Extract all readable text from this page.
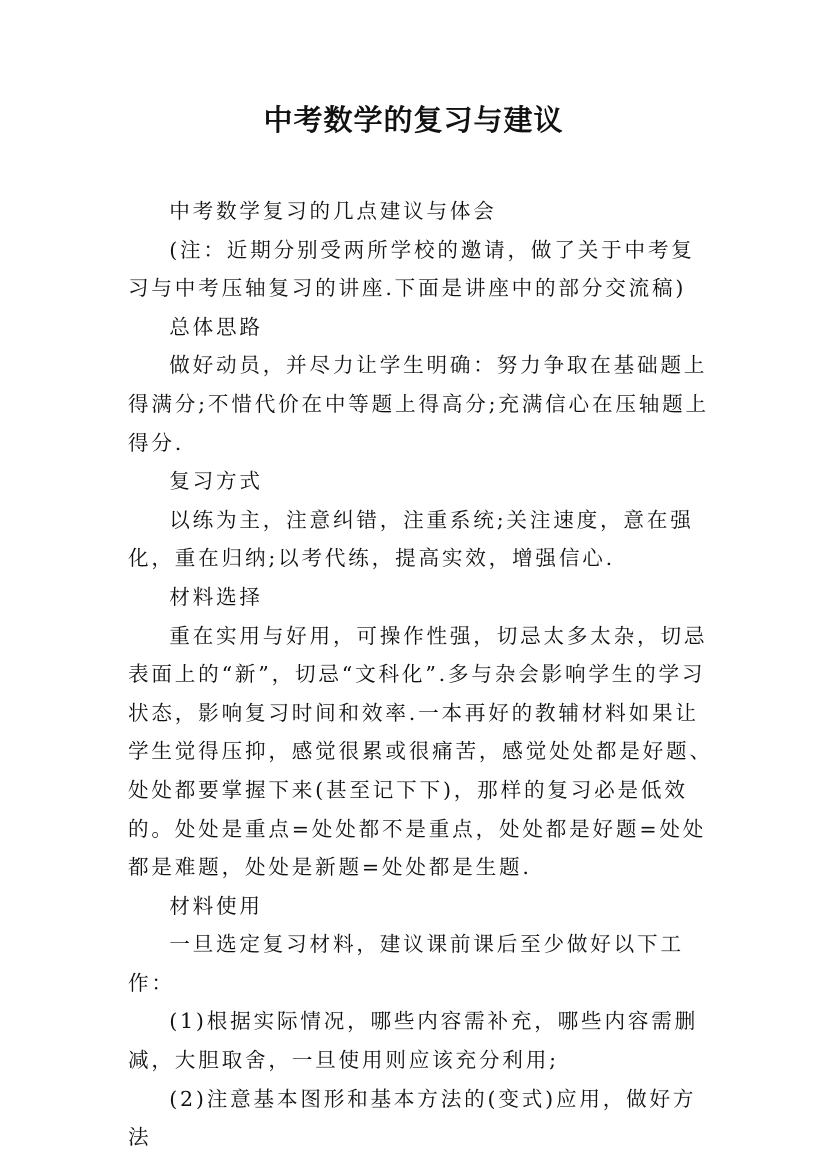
中考数学的复习与建议

中考数学复习的几点建议与体会

(注：近期分别受两所学校的邀请，做了关于中考复习与中考压轴复习的讲座.下面是讲座中的部分交流稿)

总体思路

做好动员，并尽力让学生明确：努力争取在基础题上得满分;不惜代价在中等题上得高分;充满信心在压轴题上得分.

复习方式

以练为主，注意纠错，注重系统;关注速度，意在强化，重在归纳;以考代练，提高实效，增强信心.

材料选择

重在实用与好用，可操作性强，切忌太多太杂，切忌表面上的“新”，切忌“文科化”.多与杂会影响学生的学习状态，影响复习时间和效率.一本再好的教辅材料如果让学生觉得压抑，感觉很累或很痛苦，感觉处处都是好题、处处都要掌握下来(甚至记下下)，那样的复习必是低效的。处处是重点=处处都不是重点，处处都是好题=处处都是难题，处处是新题=处处都是生题.

材料使用

一旦选定复习材料，建议课前课后至少做好以下工作：

(1)根据实际情况，哪些内容需补充，哪些内容需删减，大胆取舍，一旦使用则应该充分利用;

(2)注意基本图形和基本方法的(变式)应用，做好方法
